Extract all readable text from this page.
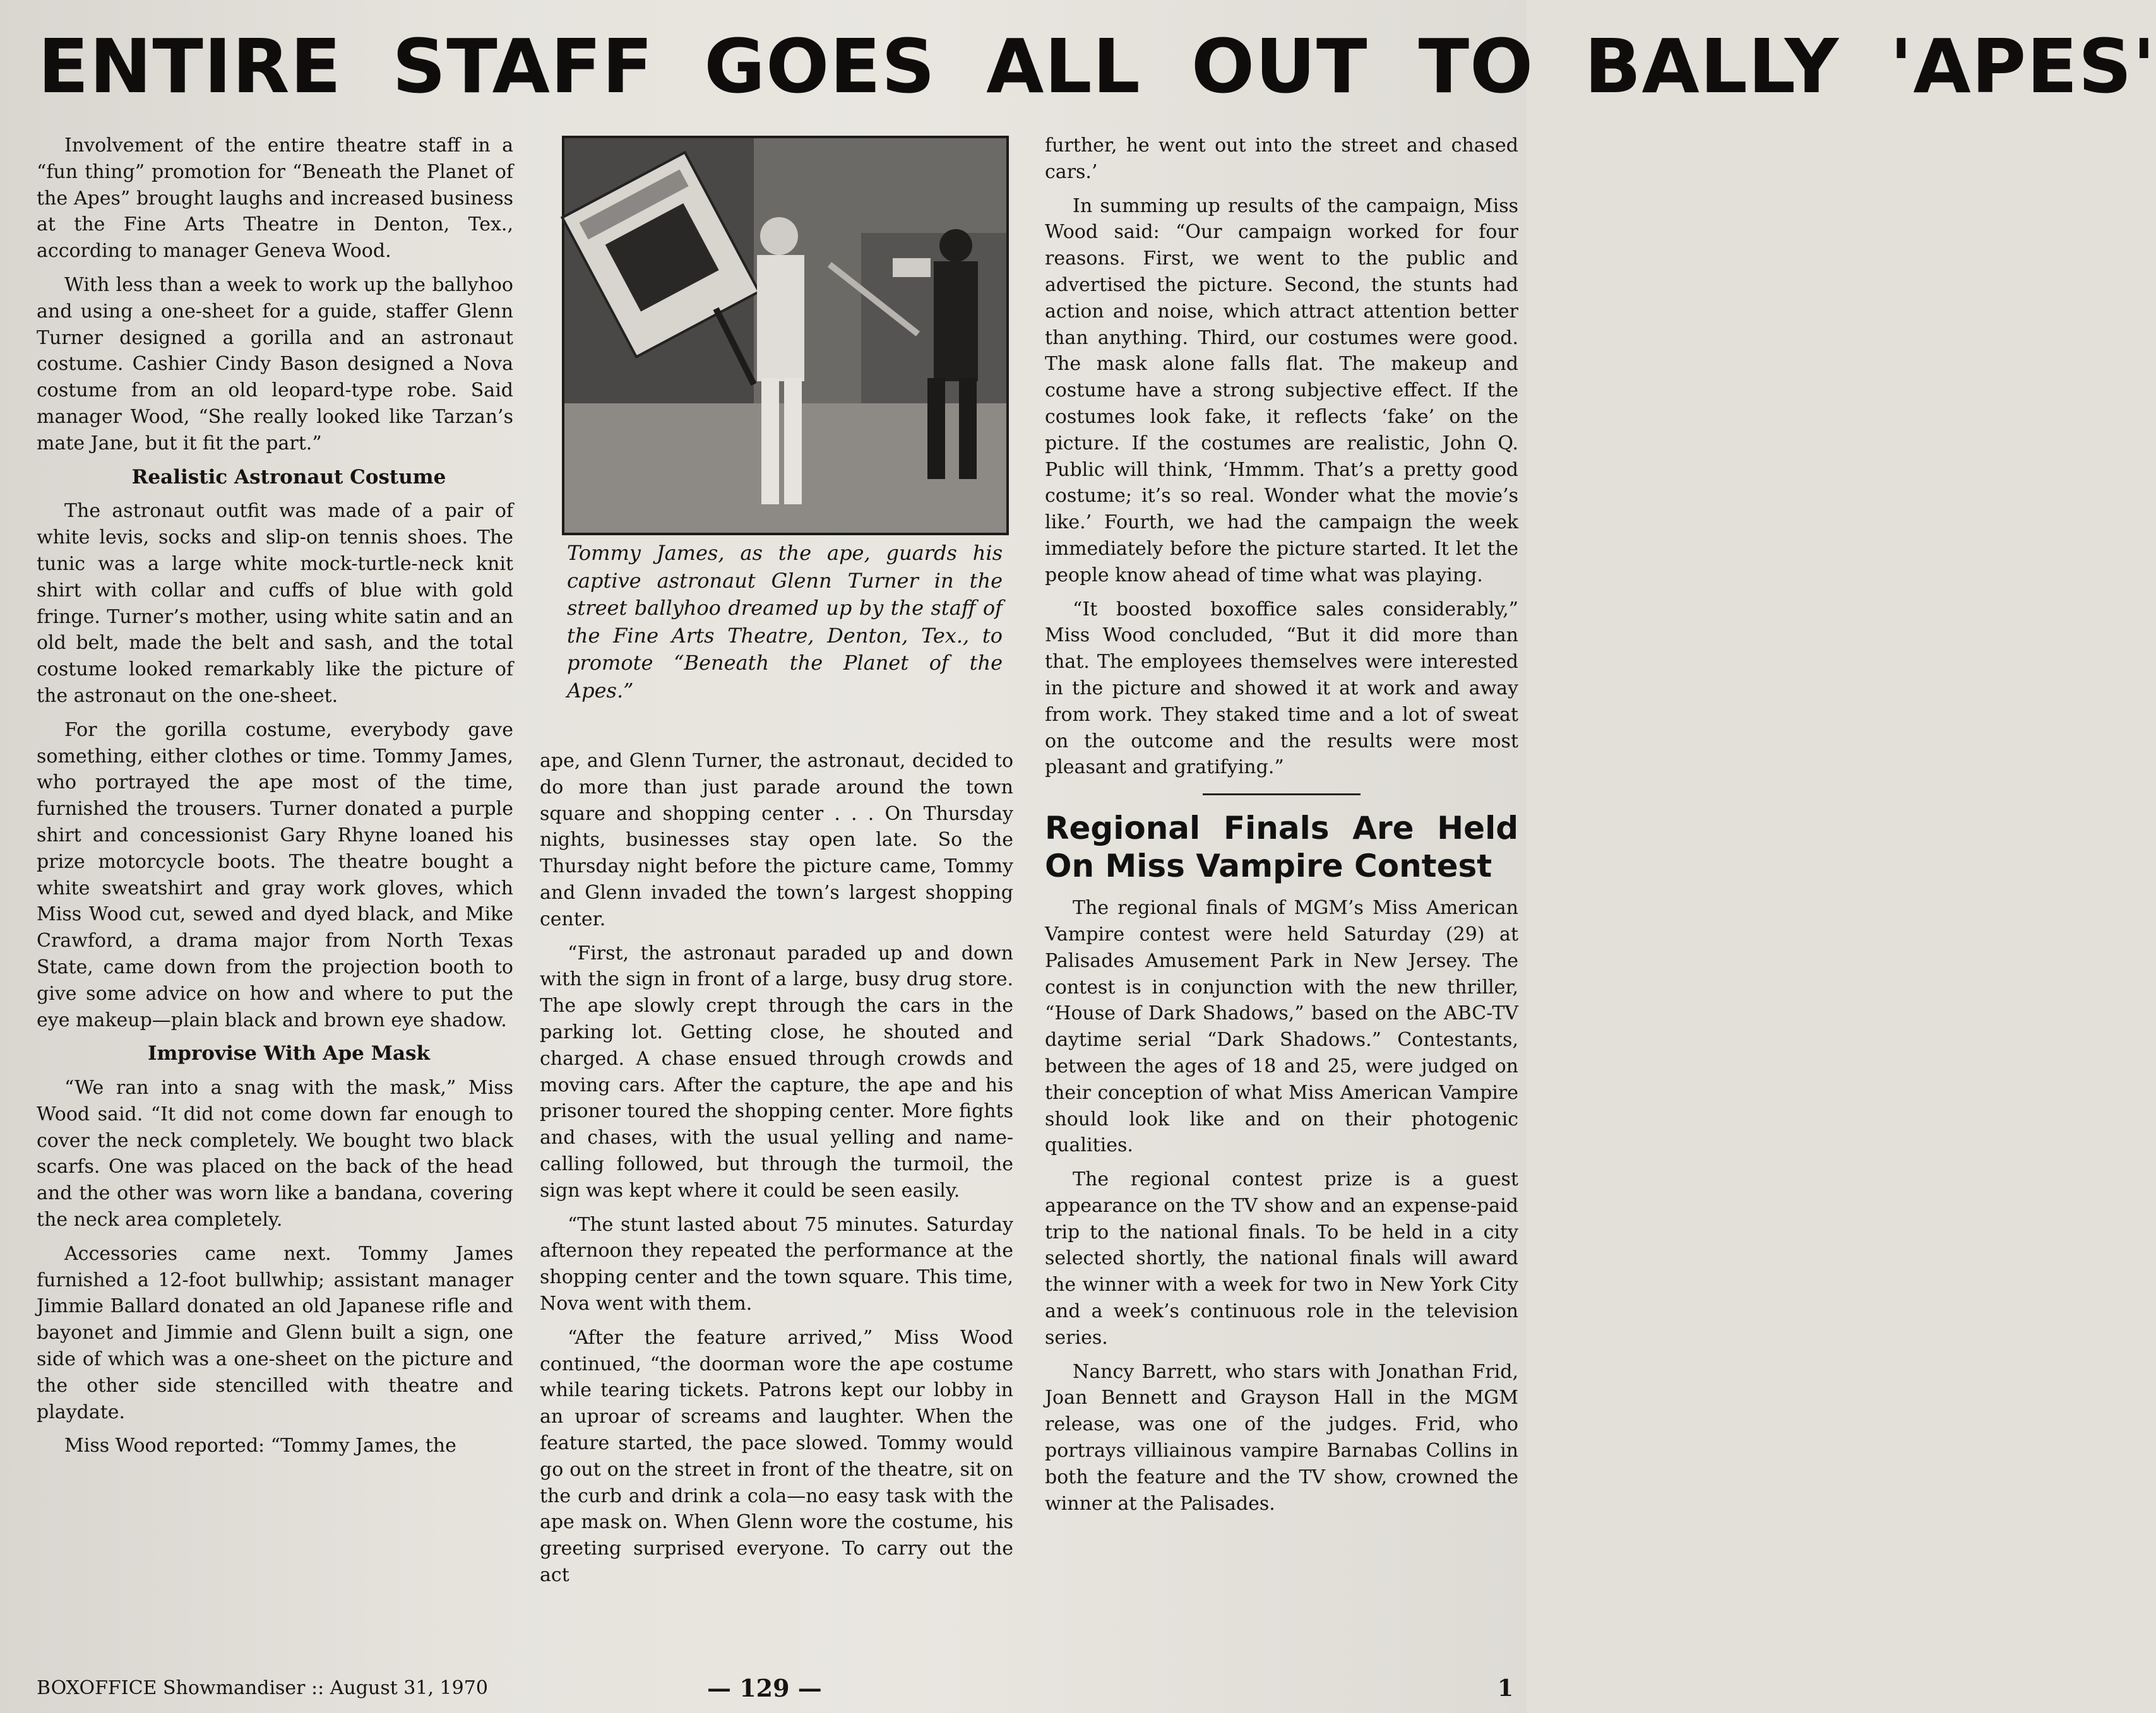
ENTIRE STAFF GOES ALL OUT TO BALLY 'APES'

Involvement of the entire theatre staff in a “fun thing” promotion for “Beneath the Planet of the Apes” brought laughs and increased business at the Fine Arts Theatre in Denton, Tex., according to manager Geneva Wood.

With less than a week to work up the ballyhoo and using a one-sheet for a guide, staffer Glenn Turner designed a gorilla and an astronaut costume. Cashier Cindy Bason designed a Nova costume from an old leopard-type robe. Said manager Wood, “She really looked like Tarzan’s mate Jane, but it fit the part.”

Realistic Astronaut Costume

The astronaut outfit was made of a pair of white levis, socks and slip-on tennis shoes. The tunic was a large white mock-turtle-neck knit shirt with collar and cuffs of blue with gold fringe. Turner’s mother, using white satin and an old belt, made the belt and sash, and the total costume looked remarkably like the picture of the astronaut on the one-sheet.

For the gorilla costume, everybody gave something, either clothes or time. Tommy James, who portrayed the ape most of the time, furnished the trousers. Turner donated a purple shirt and concessionist Gary Rhyne loaned his prize motorcycle boots. The theatre bought a white sweatshirt and gray work gloves, which Miss Wood cut, sewed and dyed black, and Mike Crawford, a drama major from North Texas State, came down from the projection booth to give some advice on how and where to put the eye makeup—plain black and brown eye shadow.

Improvise With Ape Mask

“We ran into a snag with the mask,” Miss Wood said. “It did not come down far enough to cover the neck completely. We bought two black scarfs. One was placed on the back of the head and the other was worn like a bandana, covering the neck area completely.

Accessories came next. Tommy James furnished a 12-foot bullwhip; assistant manager Jimmie Ballard donated an old Japanese rifle and bayonet and Jimmie and Glenn built a sign, one side of which was a one-sheet on the picture and the other side stencilled with theatre and playdate.

Miss Wood reported: “Tommy James, the

Tommy James, as the ape, guards his captive astronaut Glenn Turner in the street ballyhoo dreamed up by the staff of the Fine Arts Theatre, Denton, Tex., to promote “Beneath the Planet of the Apes.”

ape, and Glenn Turner, the astronaut, decided to do more than just parade around the town square and shopping center . . . On Thursday nights, businesses stay open late. So the Thursday night before the picture came, Tommy and Glenn invaded the town’s largest shopping center.

“First, the astronaut paraded up and down with the sign in front of a large, busy drug store. The ape slowly crept through the cars in the parking lot. Getting close, he shouted and charged. A chase ensued through crowds and moving cars. After the capture, the ape and his prisoner toured the shopping center. More fights and chases, with the usual yelling and name-calling followed, but through the turmoil, the sign was kept where it could be seen easily.

“The stunt lasted about 75 minutes. Saturday afternoon they repeated the performance at the shopping center and the town square. This time, Nova went with them.

“After the feature arrived,” Miss Wood continued, “the doorman wore the ape costume while tearing tickets. Patrons kept our lobby in an uproar of screams and laughter. When the feature started, the pace slowed. Tommy would go out on the street in front of the theatre, sit on the curb and drink a cola—no easy task with the ape mask on. When Glenn wore the costume, his greeting surprised everyone. To carry out the act

further, he went out into the street and chased cars.’

In summing up results of the campaign, Miss Wood said: “Our campaign worked for four reasons. First, we went to the public and advertised the picture. Second, the stunts had action and noise, which attract attention better than anything. Third, our costumes were good. The mask alone falls flat. The makeup and costume have a strong subjective effect. If the costumes look fake, it reflects ‘fake’ on the picture. If the costumes are realistic, John Q. Public will think, ‘Hmmm. That’s a pretty good costume; it’s so real. Wonder what the movie’s like.’ Fourth, we had the campaign the week immediately before the picture started. It let the people know ahead of time what was playing.

“It boosted boxoffice sales considerably,” Miss Wood concluded, “But it did more than that. The employees themselves were interested in the picture and showed it at work and away from work. They staked time and a lot of sweat on the outcome and the results were most pleasant and gratifying.”

Regional Finals Are Held On Miss Vampire Contest

The regional finals of MGM’s Miss American Vampire contest were held Saturday (29) at Palisades Amusement Park in New Jersey. The contest is in conjunction with the new thriller, “House of Dark Shadows,” based on the ABC-TV daytime serial “Dark Shadows.” Contestants, between the ages of 18 and 25, were judged on their conception of what Miss American Vampire should look like and on their photogenic qualities.

The regional contest prize is a guest appearance on the TV show and an expense-paid trip to the national finals. To be held in a city selected shortly, the national finals will award the winner with a week for two in New York City and a week’s continuous role in the television series.

Nancy Barrett, who stars with Jonathan Frid, Joan Bennett and Grayson Hall in the MGM release, was one of the judges. Frid, who portrays villiainous vampire Barnabas Collins in both the feature and the TV show, crowned the winner at the Palisades.

BOXOFFICE Showmandiser :: August 31, 1970	— 129 —	1
